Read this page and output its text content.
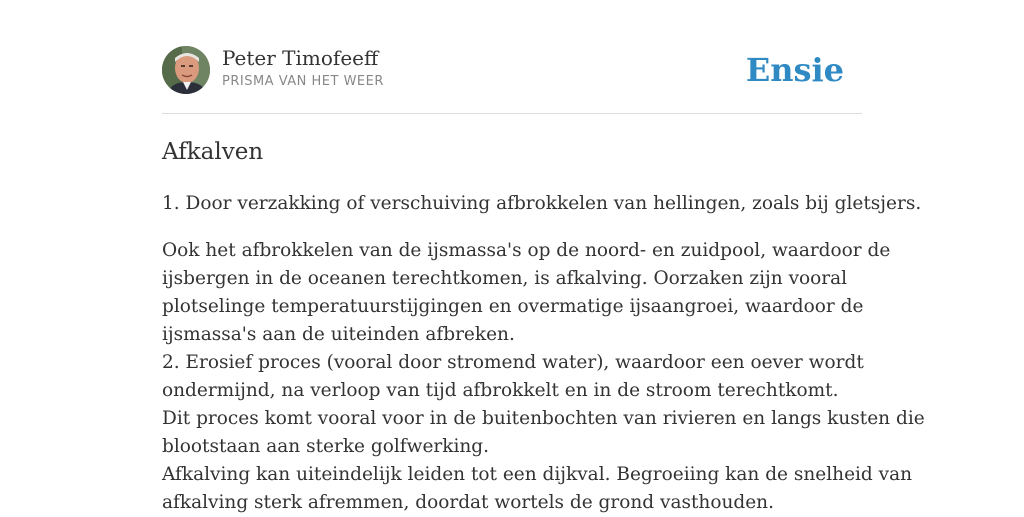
Peter Timofeeff
PRISMA VAN HET WEER	Ensie
Afkalven

1. Door verzakking of verschuiving afbrokkelen van hellingen, zoals bij gletsjers.

Ook het afbrokkelen van de ijsmassa's op de noord- en zuidpool, waardoor de
ijsbergen in de oceanen terechtkomen, is afkalving. Oorzaken zijn vooral
plotselinge temperatuurstijgingen en overmatige ijsaangroei, waardoor de
ijsmassa's aan de uiteinden afbreken.
2. Erosief proces (vooral door stromend water), waardoor een oever wordt
ondermijnd, na verloop van tijd afbrokkelt en in de stroom terechtkomt.
Dit proces komt vooral voor in de buitenbochten van rivieren en langs kusten die
blootstaan aan sterke golfwerking.
Afkalving kan uiteindelijk leiden tot een dijkval. Begroeiing kan de snelheid van
afkalving sterk afremmen, doordat wortels de grond vasthouden.
